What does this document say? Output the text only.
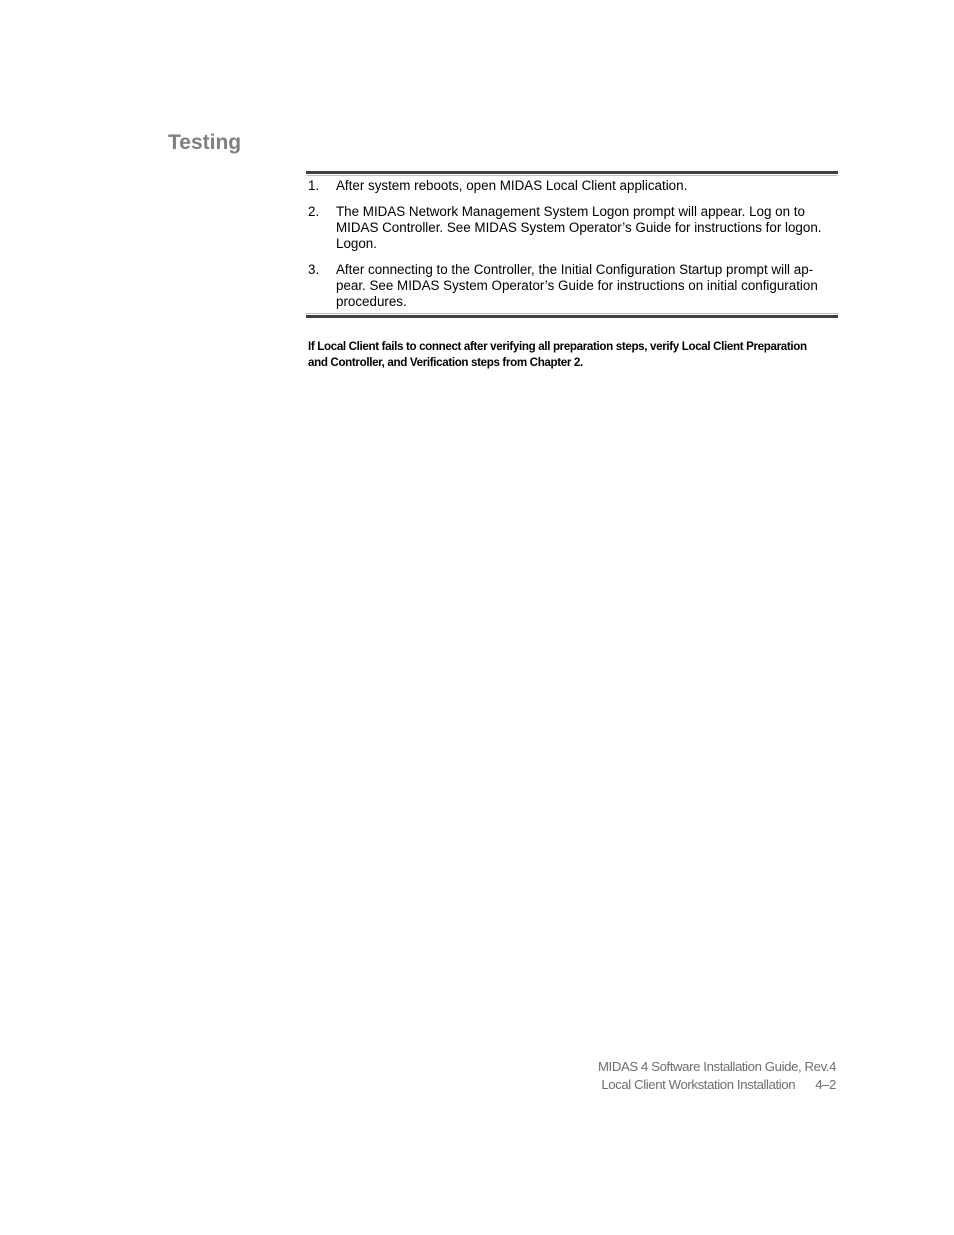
Testing
1.	After system reboots, open MIDAS Local Client application.
2.	The MIDAS Network Management System Logon prompt will appear. Log on to MIDAS Controller. See MIDAS System Operator’s Guide for instructions for logon. Logon.
3.	After connecting to the Controller, the Initial Configuration Startup prompt will ap-pear. See MIDAS System Operator’s Guide for instructions on initial configuration procedures.

If Local Client fails to connect after verifying all preparation steps, verify Local Client Preparation and Controller, and Verification steps from Chapter 2.

MIDAS 4 Software Installation Guide, Rev.4
Local Client Workstation Installation 4–2
